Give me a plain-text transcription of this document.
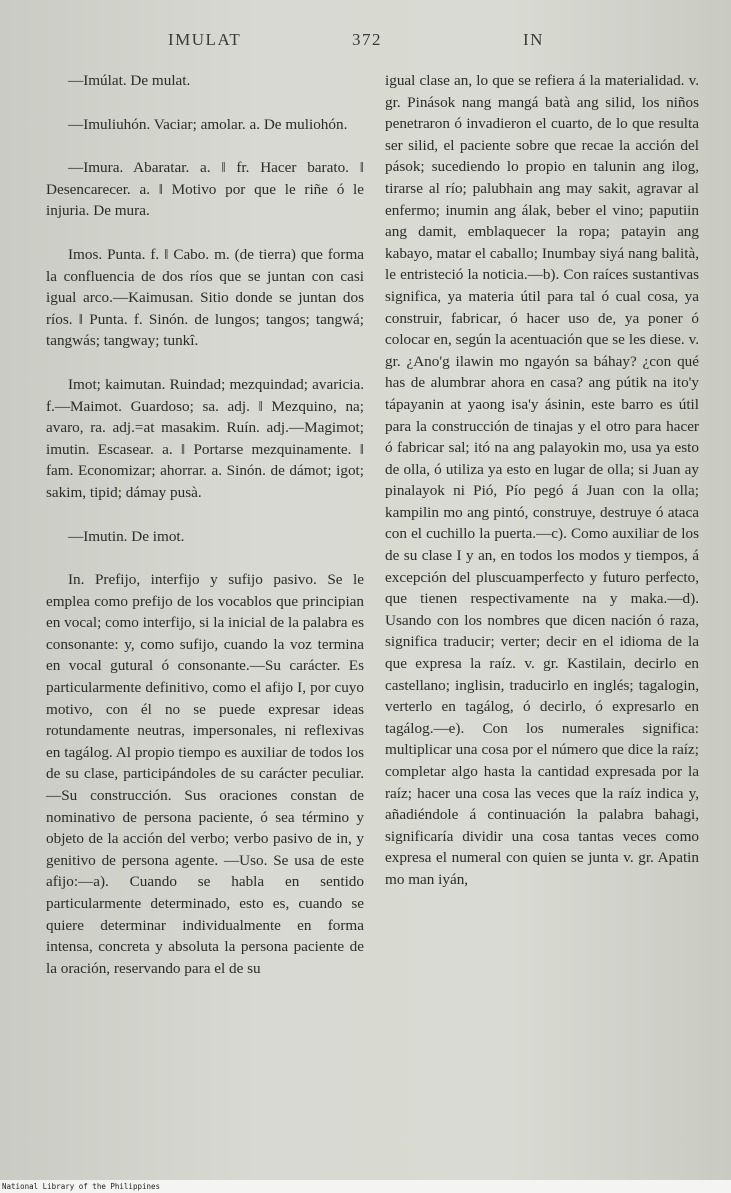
IMULAT	372	IN

—Imúlat. De mulat.

—Imuliuhón. Vaciar; amolar. a. De muliohón.

—Imura. Abaratar. a. ‖ fr. Hacer barato. ‖ Desencarecer. a. ‖ Motivo por que le riñe ó le injuria. De mura.

Imos. Punta. f. ‖ Cabo. m. (de tierra) que forma la confluencia de dos ríos que se juntan con casi igual arco.—Kaimusan. Sitio donde se juntan dos ríos. ‖ Punta. f. Sinón. de lungos; tangos; tangwá; tangwás; tangway; tunkî.

Imot; kaimutan. Ruindad; mezquindad; avaricia. f.—Maimot. Guardoso; sa. adj. ‖ Mezquino, na; avaro, ra. adj.=at masakim. Ruín. adj.—Magimot; imutin. Escasear. a. ‖ Portarse mezquinamente. ‖ fam. Economizar; ahorrar. a. Sinón. de dámot; igot; sakim, tipid; dámay pusà.

—Imutin. De imot.

In. Prefijo, interfijo y sufijo pasivo. Se le emplea como prefijo de los vocablos que principian en vocal; como interfijo, si la inicial de la palabra es consonante: y, como sufijo, cuando la voz termina en vocal gutural ó consonante.—Su carácter. Es particularmente definitivo, como el afijo I, por cuyo motivo, con él no se puede expresar ideas rotundamente neutras, impersonales, ni reflexivas en tagálog. Al propio tiempo es auxiliar de todos los de su clase, participándoles de su carácter peculiar.—Su construcción. Sus oraciones constan de nominativo de persona paciente, ó sea término y objeto de la acción del verbo; verbo pasivo de in, y genitivo de persona agente. —Uso. Se usa de este afijo:—a). Cuando se habla en sentido particularmente determinado, esto es, cuando se quiere determinar individualmente en forma intensa, concreta y absoluta la persona paciente de la oración, reservando para el de su

igual clase an, lo que se refiera á la materialidad. v. gr. Pinások nang mangá batà ang silid, los niños penetraron ó invadieron el cuarto, de lo que resulta ser silid, el paciente sobre que recae la acción del pások; sucediendo lo propio en talunin ang ilog, tirarse al río; palubhain ang may sakit, agravar al enfermo; inumin ang álak, beber el vino; paputiin ang damit, emblaquecer la ropa; patayin ang kabayo, matar el caballo; Inumbay siyá nang balità, le entristeció la noticia.—b). Con raíces sustantivas significa, ya materia útil para tal ó cual cosa, ya construir, fabricar, ó hacer uso de, ya poner ó colocar en, según la acentuación que se les diese. v. gr. ¿Ano'g ilawin mo ngayón sa báhay? ¿con qué has de alumbrar ahora en casa? ang pútik na ito'y tápayanin at yaong isa'y ásinin, este barro es útil para la construcción de tinajas y el otro para hacer ó fabricar sal; itó na ang palayokin mo, usa ya esto de olla, ó utiliza ya esto en lugar de olla; si Juan ay pinalayok ni Pió, Pío pegó á Juan con la olla; kampilin mo ang pintó, construye, destruye ó ataca con el cuchillo la puerta.—c). Como auxiliar de los de su clase I y an, en todos los modos y tiempos, á excepción del pluscuamperfecto y futuro perfecto, que tienen respectivamente na y maka.—d). Usando con los nombres que dicen nación ó raza, significa traducir; verter; decir en el idioma de la que expresa la raíz. v. gr. Kastilain, decirlo en castellano; inglisin, traducirlo en inglés; tagalogin, verterlo en tagálog, ó decirlo, ó expresarlo en tagálog.—e). Con los numerales significa: multiplicar una cosa por el número que dice la raíz; completar algo hasta la cantidad expresada por la raíz; hacer una cosa las veces que la raíz indica y, añadiéndole á continuación la palabra bahagi, significaría dividir una cosa tantas veces como expresa el numeral con quien se junta v. gr. Apatin mo man iyán,

National Library of the Philippines
